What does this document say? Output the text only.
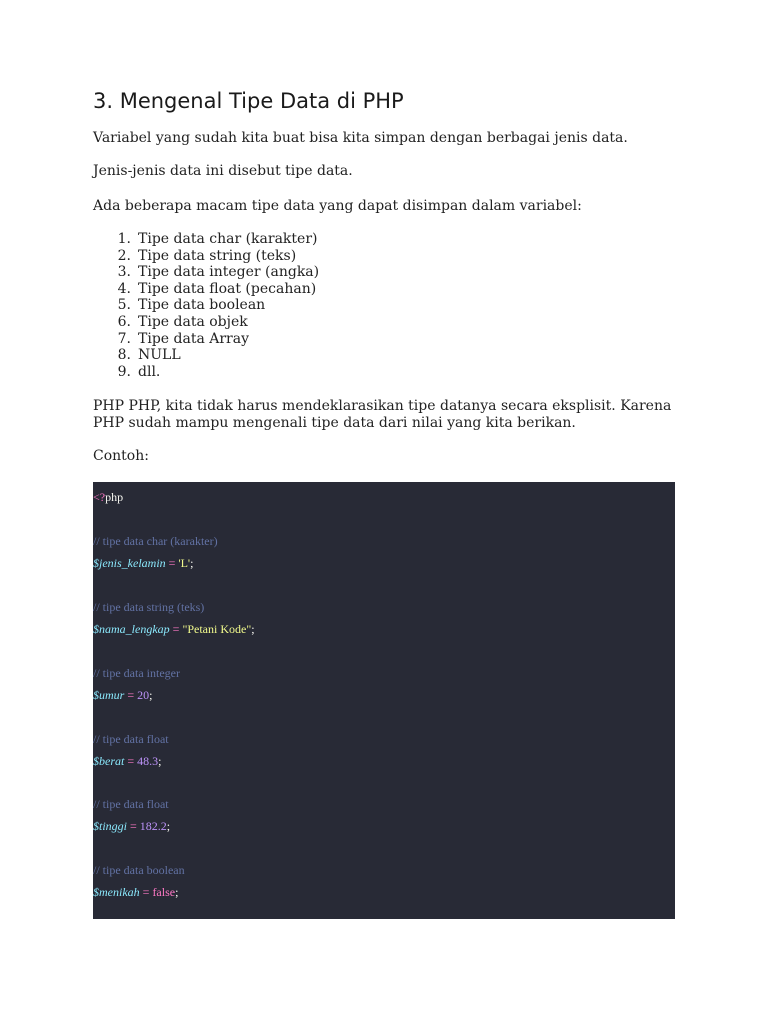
3. Mengenal Tipe Data di PHP

Variabel yang sudah kita buat bisa kita simpan dengan berbagai jenis data.

Jenis-jenis data ini disebut tipe data.

Ada beberapa macam tipe data yang dapat disimpan dalam variabel:

1. Tipe data char (karakter)
2. Tipe data string (teks)
3. Tipe data integer (angka)
4. Tipe data float (pecahan)
5. Tipe data boolean
6. Tipe data objek
7. Tipe data Array
8. NULL
9. dll.

PHP PHP, kita tidak harus mendeklarasikan tipe datanya secara eksplisit. Karena
PHP sudah mampu mengenali tipe data dari nilai yang kita berikan.

Contoh:

<?php
// tipe data char (karakter)
$jenis_kelamin = 'L';
// tipe data string (teks)
$nama_lengkap = "Petani Kode";
// tipe data integer
$umur = 20;
// tipe data float
$berat = 48.3;
// tipe data float
$tinggi = 182.2;
// tipe data boolean
$menikah = false;
